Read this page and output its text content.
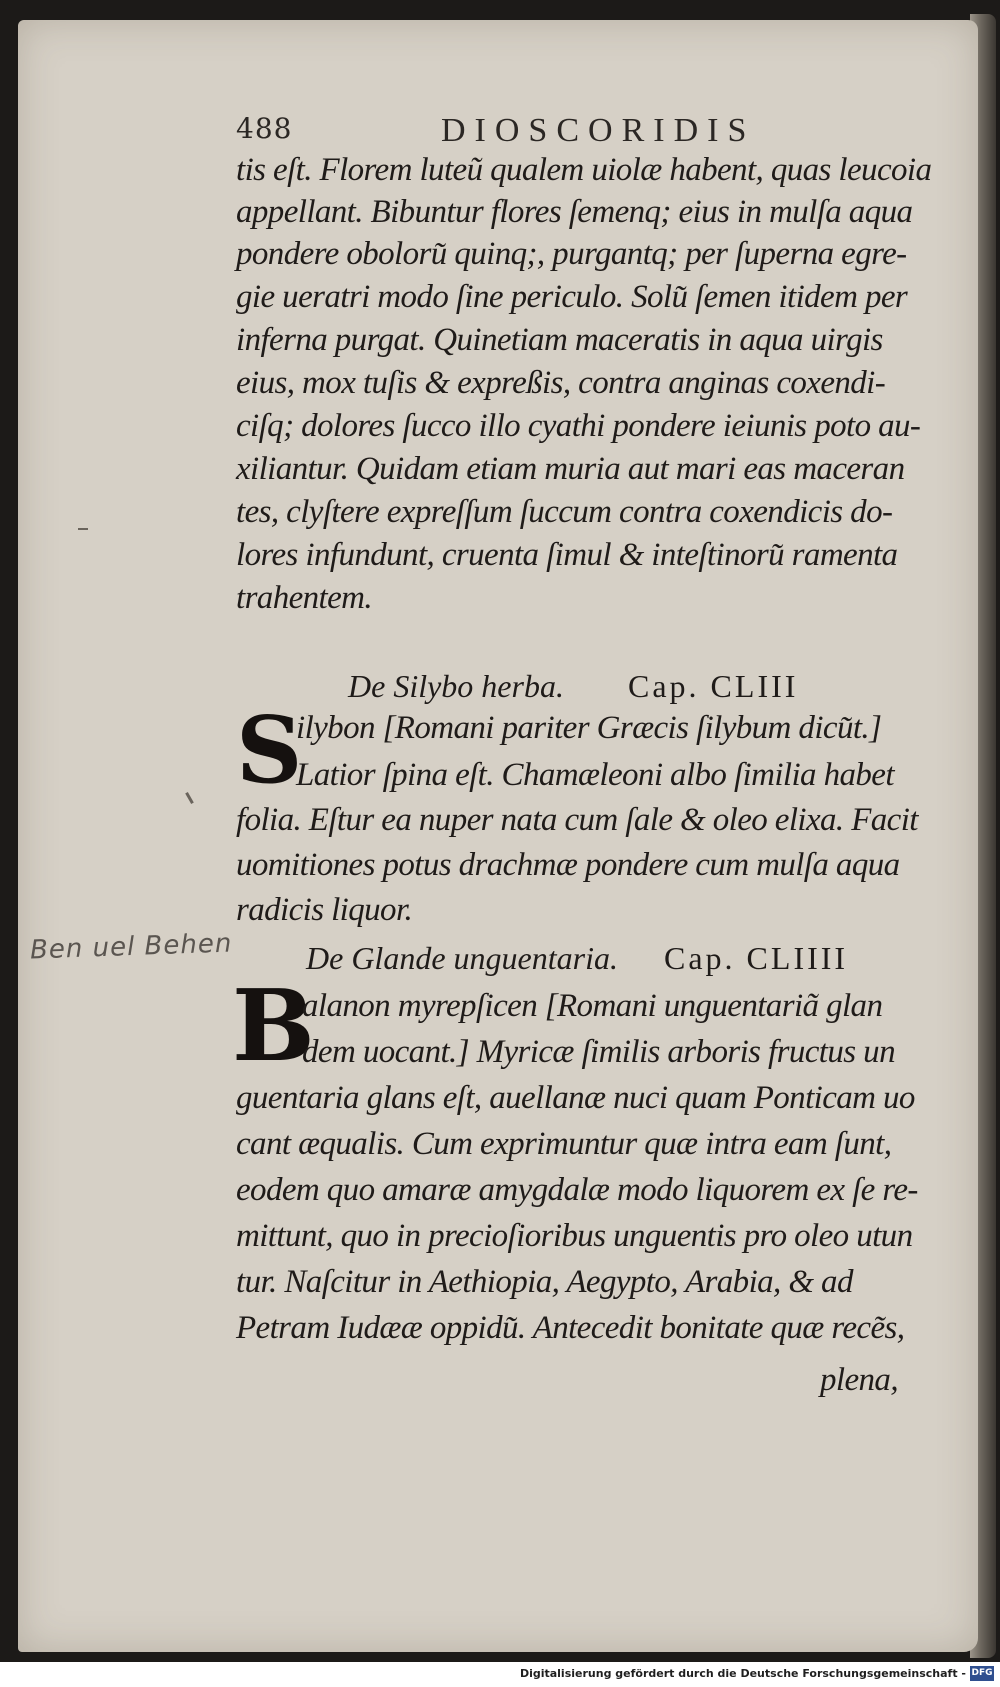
488	DIOSCORIDIS
tis eſt. Florem luteũ qualem uiolæ habent, quas leucoia
appellant. Bibuntur flores ſemenq; eius in mulſa aqua
pondere oboloru͂ quinq;, purgantq; per ſuperna egre-
gie ueratri modo ſine periculo. Solu͂ ſemen itidem per
inferna purgat. Quinetiam maceratis in aqua uirgis
eius, mox tuſis & expreßis, contra anginas coxendi-
ciſq; dolores ſucco illo cyathi pondere ieiunis poto au-
xiliantur. Quidam etiam muria aut mari eas maceran
tes, clyſtere expreſſum ſuccum contra coxendicis do-
lores infundunt, cruenta ſimul & inteſtinoru͂ ramenta
trahentem.
De Silybo herba. Cap. CLIII
S
ilybon [Romani pariter Græcis ſilybum dicu͂t.]
Latior ſpina eſt. Chamæleoni albo ſimilia habet
folia. Eſtur ea nuper nata cum ſale & oleo elixa. Facit
uomitiones potus drachmæ pondere cum mulſa aqua
radicis liquor.
Ben uel Behen De Glande unguentaria. Cap. CLIIII
B
alanon myrepſicen [Romani unguentariã glan
dem uocant.] Myricæ ſimilis arboris fructus un
guentaria glans eſt, auellanæ nuci quam Ponticam uo
cant æqualis. Cum exprimuntur quæ intra eam ſunt,
eodem quo amaræ amygdalæ modo liquorem ex ſe re-
mittunt, quo in precioſioribus unguentis pro oleo utun
tur. Naſcitur in Aethiopia, Aegypto, Arabia, & ad
Petram Iudææ oppidu͂. Antecedit bonitate quæ rece͂s,
plena,
Digitalisierung gefördert durch die Deutsche Forschungsgemeinschaft - DFG
